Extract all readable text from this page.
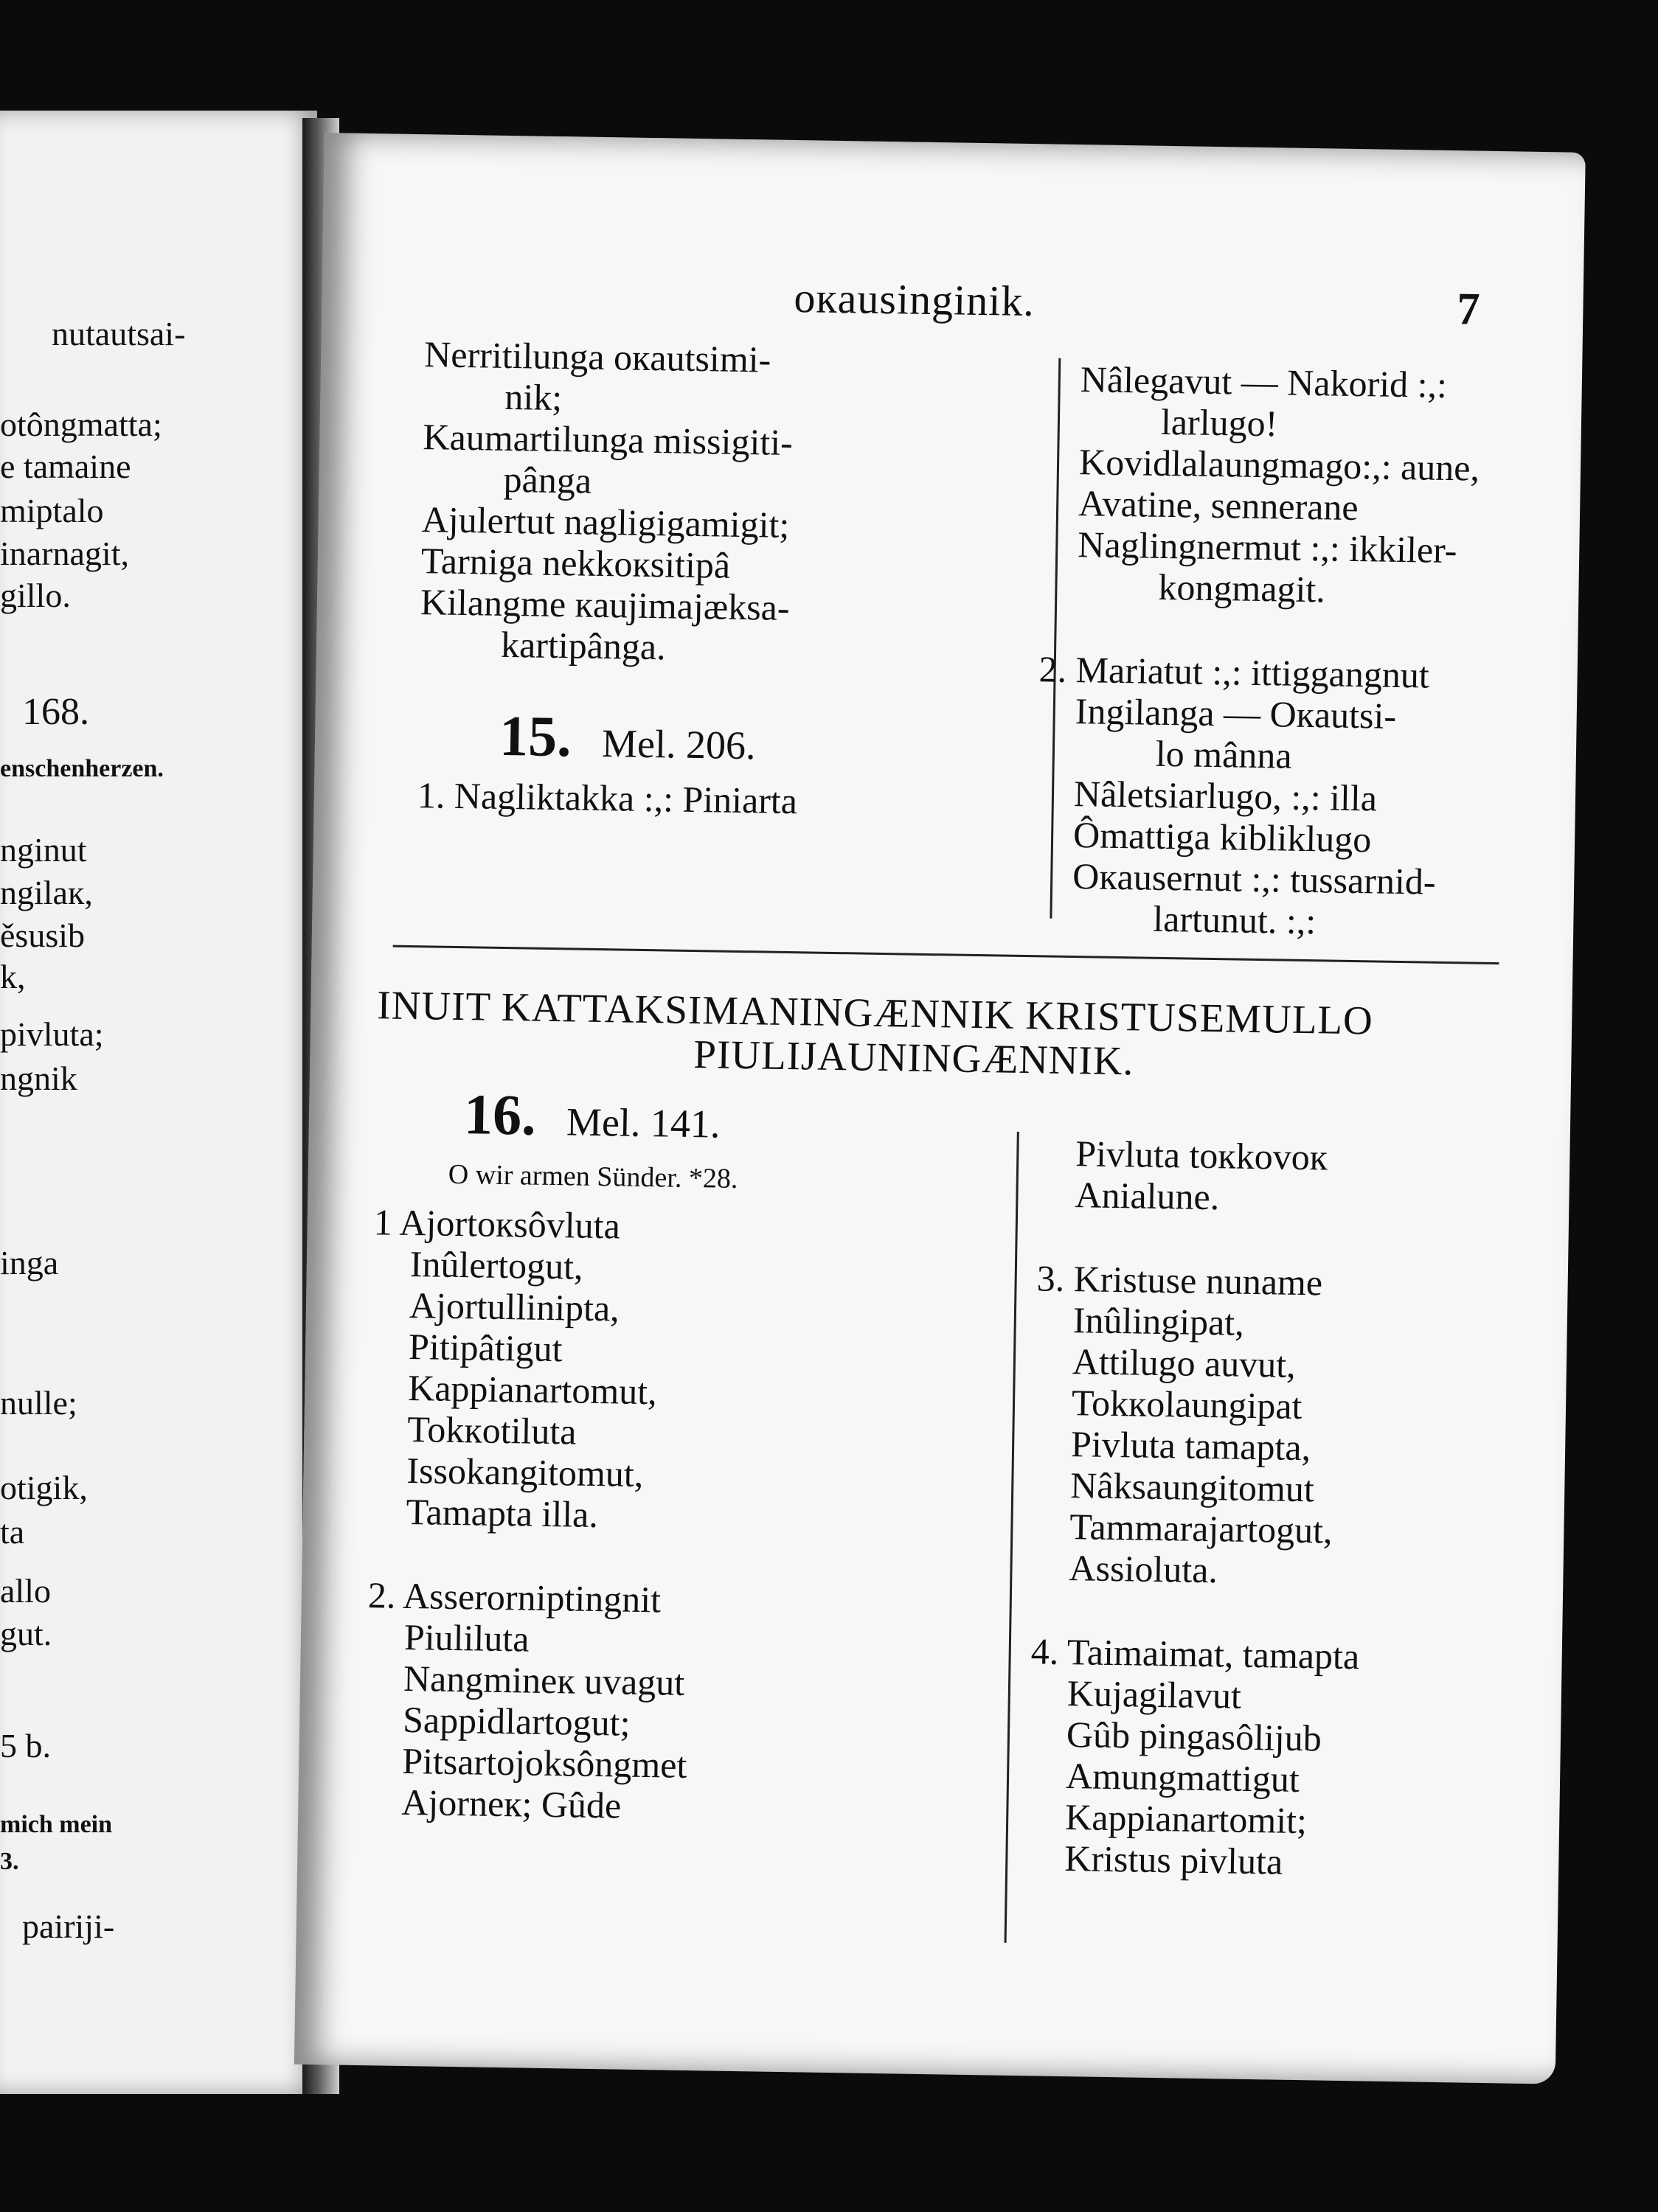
nutautsai-
otôngmatta;
e tamaine
miptalo
inarnagit,
gillo.
168.
enschenherzen.
nginut
ngilaк,
ěsusib
k,
pivluta;
ngnik
inga
nulle;
otigik,
ta
allo
gut.
5 b.
mich mein
3.
pairiji-
oкausinginik.	7
Nerritilunga oкautsimi-
nik;
Kaumartilunga missigiti-
pânga
Ajulertut nagligigamigit;
Tarniga nekkoкsitipâ
Kilangme кaujimajæksa-
kartipânga.
15. Mel. 206.
1. Nagliktakka :,: Piniarta
Nâlegavut — Nakorid :,:
larlugo!
Kovidlalaungmago:,: aune,
Avatine, sennerane
Naglingnermut :,: ikkiler-
kongmagit.
2. Mariatut :,: ittiggangnut
Ingilanga — Oкautsi-
lo mânna
Nâletsiarlugo, :,: illa
Ômattiga kibliklugo
Oкausernut :,: tussarnid-
lartunut. :,:
INUIT KATTAKSIMANINGÆNNIK KRISTUSEMULLO
PIULIJAUNINGÆNNIK.
16. Mel. 141.
O wir armen Sünder. *28.
1 Ajortoкsôvluta
Inûlertogut,
Ajortullinipta,
Pitipâtigut
Kappianartomut,
Tokкotiluta
Issokangitomut,
Tamapta illa.
2. Asserorniptingnit
Piuliluta
Nangmineк uvagut
Sappidlartogut;
Pitsartojoksôngmet
Ajorneк; Gûde
Pivluta toкkovoк
Anialune.
3. Kristuse nuname
Inûlingipat,
Attilugo auvut,
Tokкolaungipat
Pivluta tamapta,
Nâksaungitomut
Tammarajartogut,
Assioluta.
4. Taimaimat, tamapta
Kujagilavut
Gûb pingasôlijub
Amungmattigut
Kappianartomit;
Kristus pivluta
